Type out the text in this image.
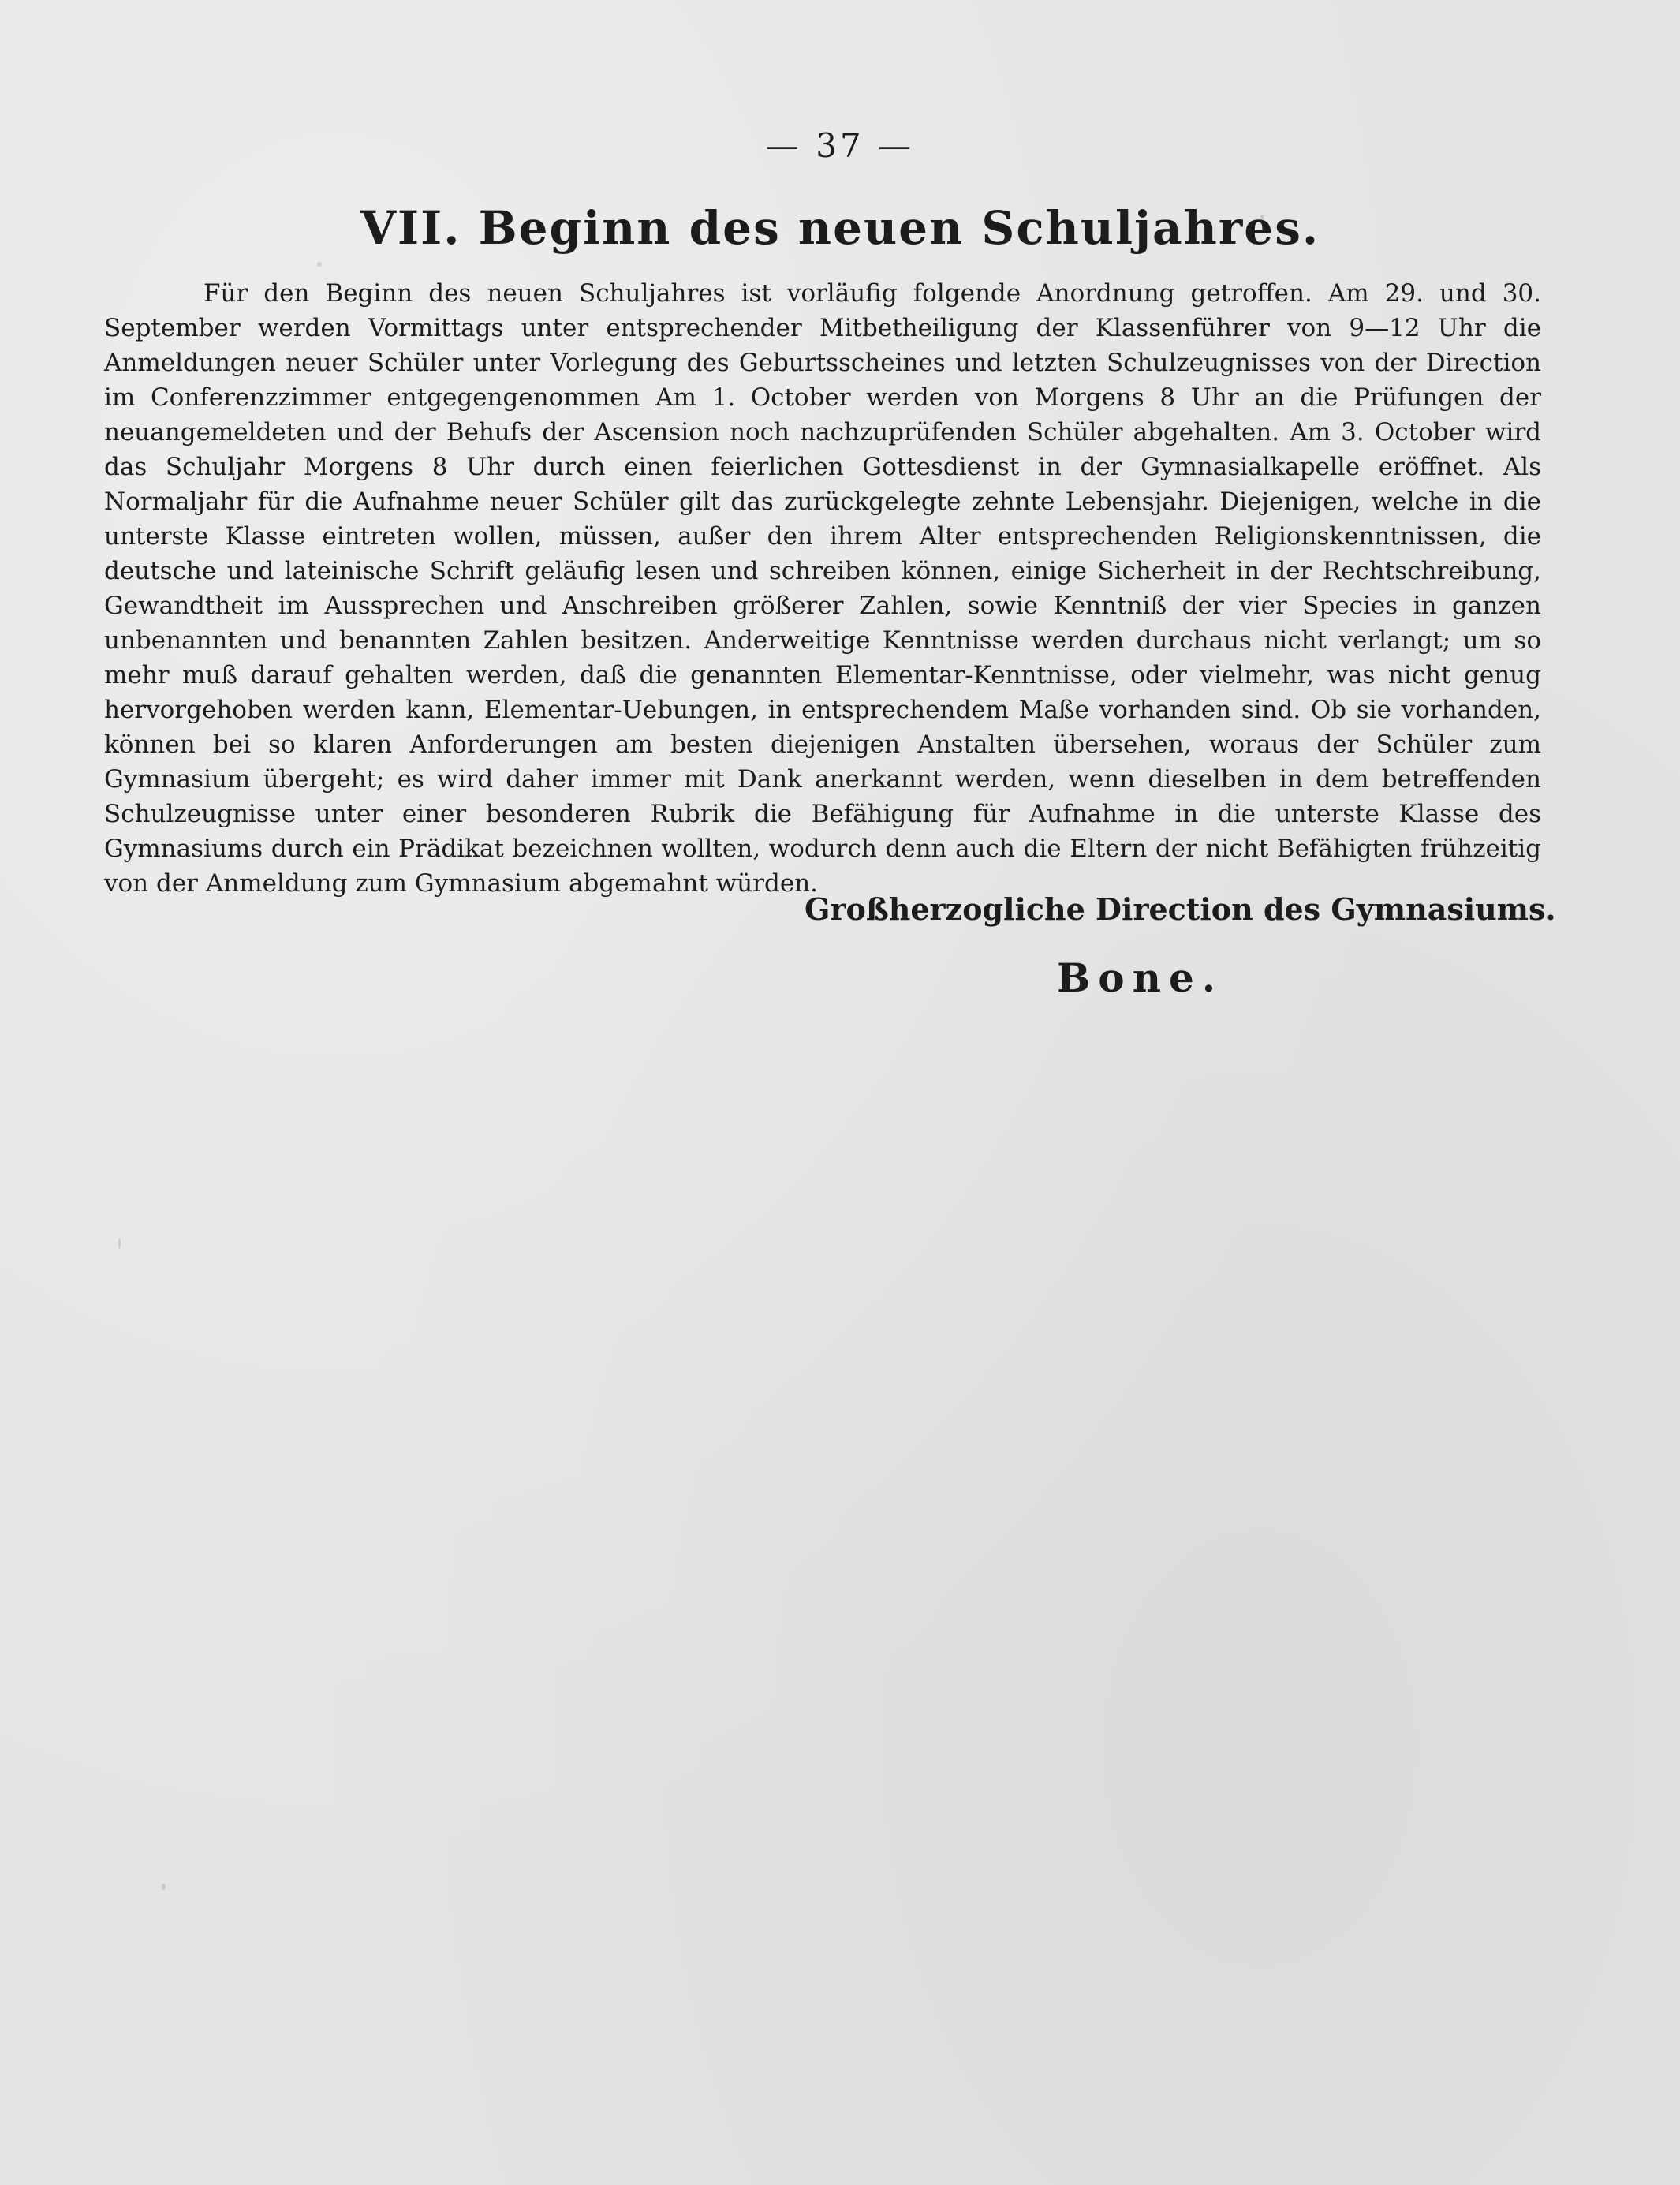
— 37 —
VII. Beginn des neuen Schuljahres.

Für den Beginn des neuen Schuljahres ist vorläufig folgende Anordnung getroffen. Am 29. und 30. September werden Vormittags unter entsprechender Mitbetheiligung der Klassenführer von 9—12 Uhr die Anmeldungen neuer Schüler unter Vorlegung des Geburtsscheines und letzten Schulzeugnisses von der Direction im Conferenzzimmer entgegengenommen Am 1. October werden von Morgens 8 Uhr an die Prüfungen der neuangemeldeten und der Behufs der Ascension noch nachzuprüfenden Schüler abgehalten. Am 3. October wird das Schuljahr Morgens 8 Uhr durch einen feierlichen Gottesdienst in der Gymnasialkapelle eröffnet. Als Normaljahr für die Aufnahme neuer Schüler gilt das zurückgelegte zehnte Lebensjahr. Diejenigen, welche in die unterste Klasse eintreten wollen, müssen, außer den ihrem Alter entsprechenden Religionskenntnissen, die deutsche und lateinische Schrift geläufig lesen und schreiben können, einige Sicherheit in der Rechtschreibung, Gewandtheit im Aussprechen und Anschreiben größerer Zahlen, sowie Kenntniß der vier Species in ganzen unbenannten und benannten Zahlen besitzen. Anderweitige Kenntnisse werden durchaus nicht verlangt; um so mehr muß darauf gehalten werden, daß die genannten Elementar-Kenntnisse, oder vielmehr, was nicht genug hervorgehoben werden kann, Elementar-Uebungen, in entsprechendem Maße vorhanden sind. Ob sie vorhanden, können bei so klaren Anforderungen am besten diejenigen Anstalten übersehen, woraus der Schüler zum Gymnasium übergeht; es wird daher immer mit Dank anerkannt werden, wenn dieselben in dem betreffenden Schulzeugnisse unter einer besonderen Rubrik die Befähigung für Aufnahme in die unterste Klasse des Gymnasiums durch ein Prädikat bezeichnen wollten, wodurch denn auch die Eltern der nicht Befähigten frühzeitig von der Anmeldung zum Gymnasium abgemahnt würden.

Großherzogliche Direction des Gymnasiums.
Bone.
